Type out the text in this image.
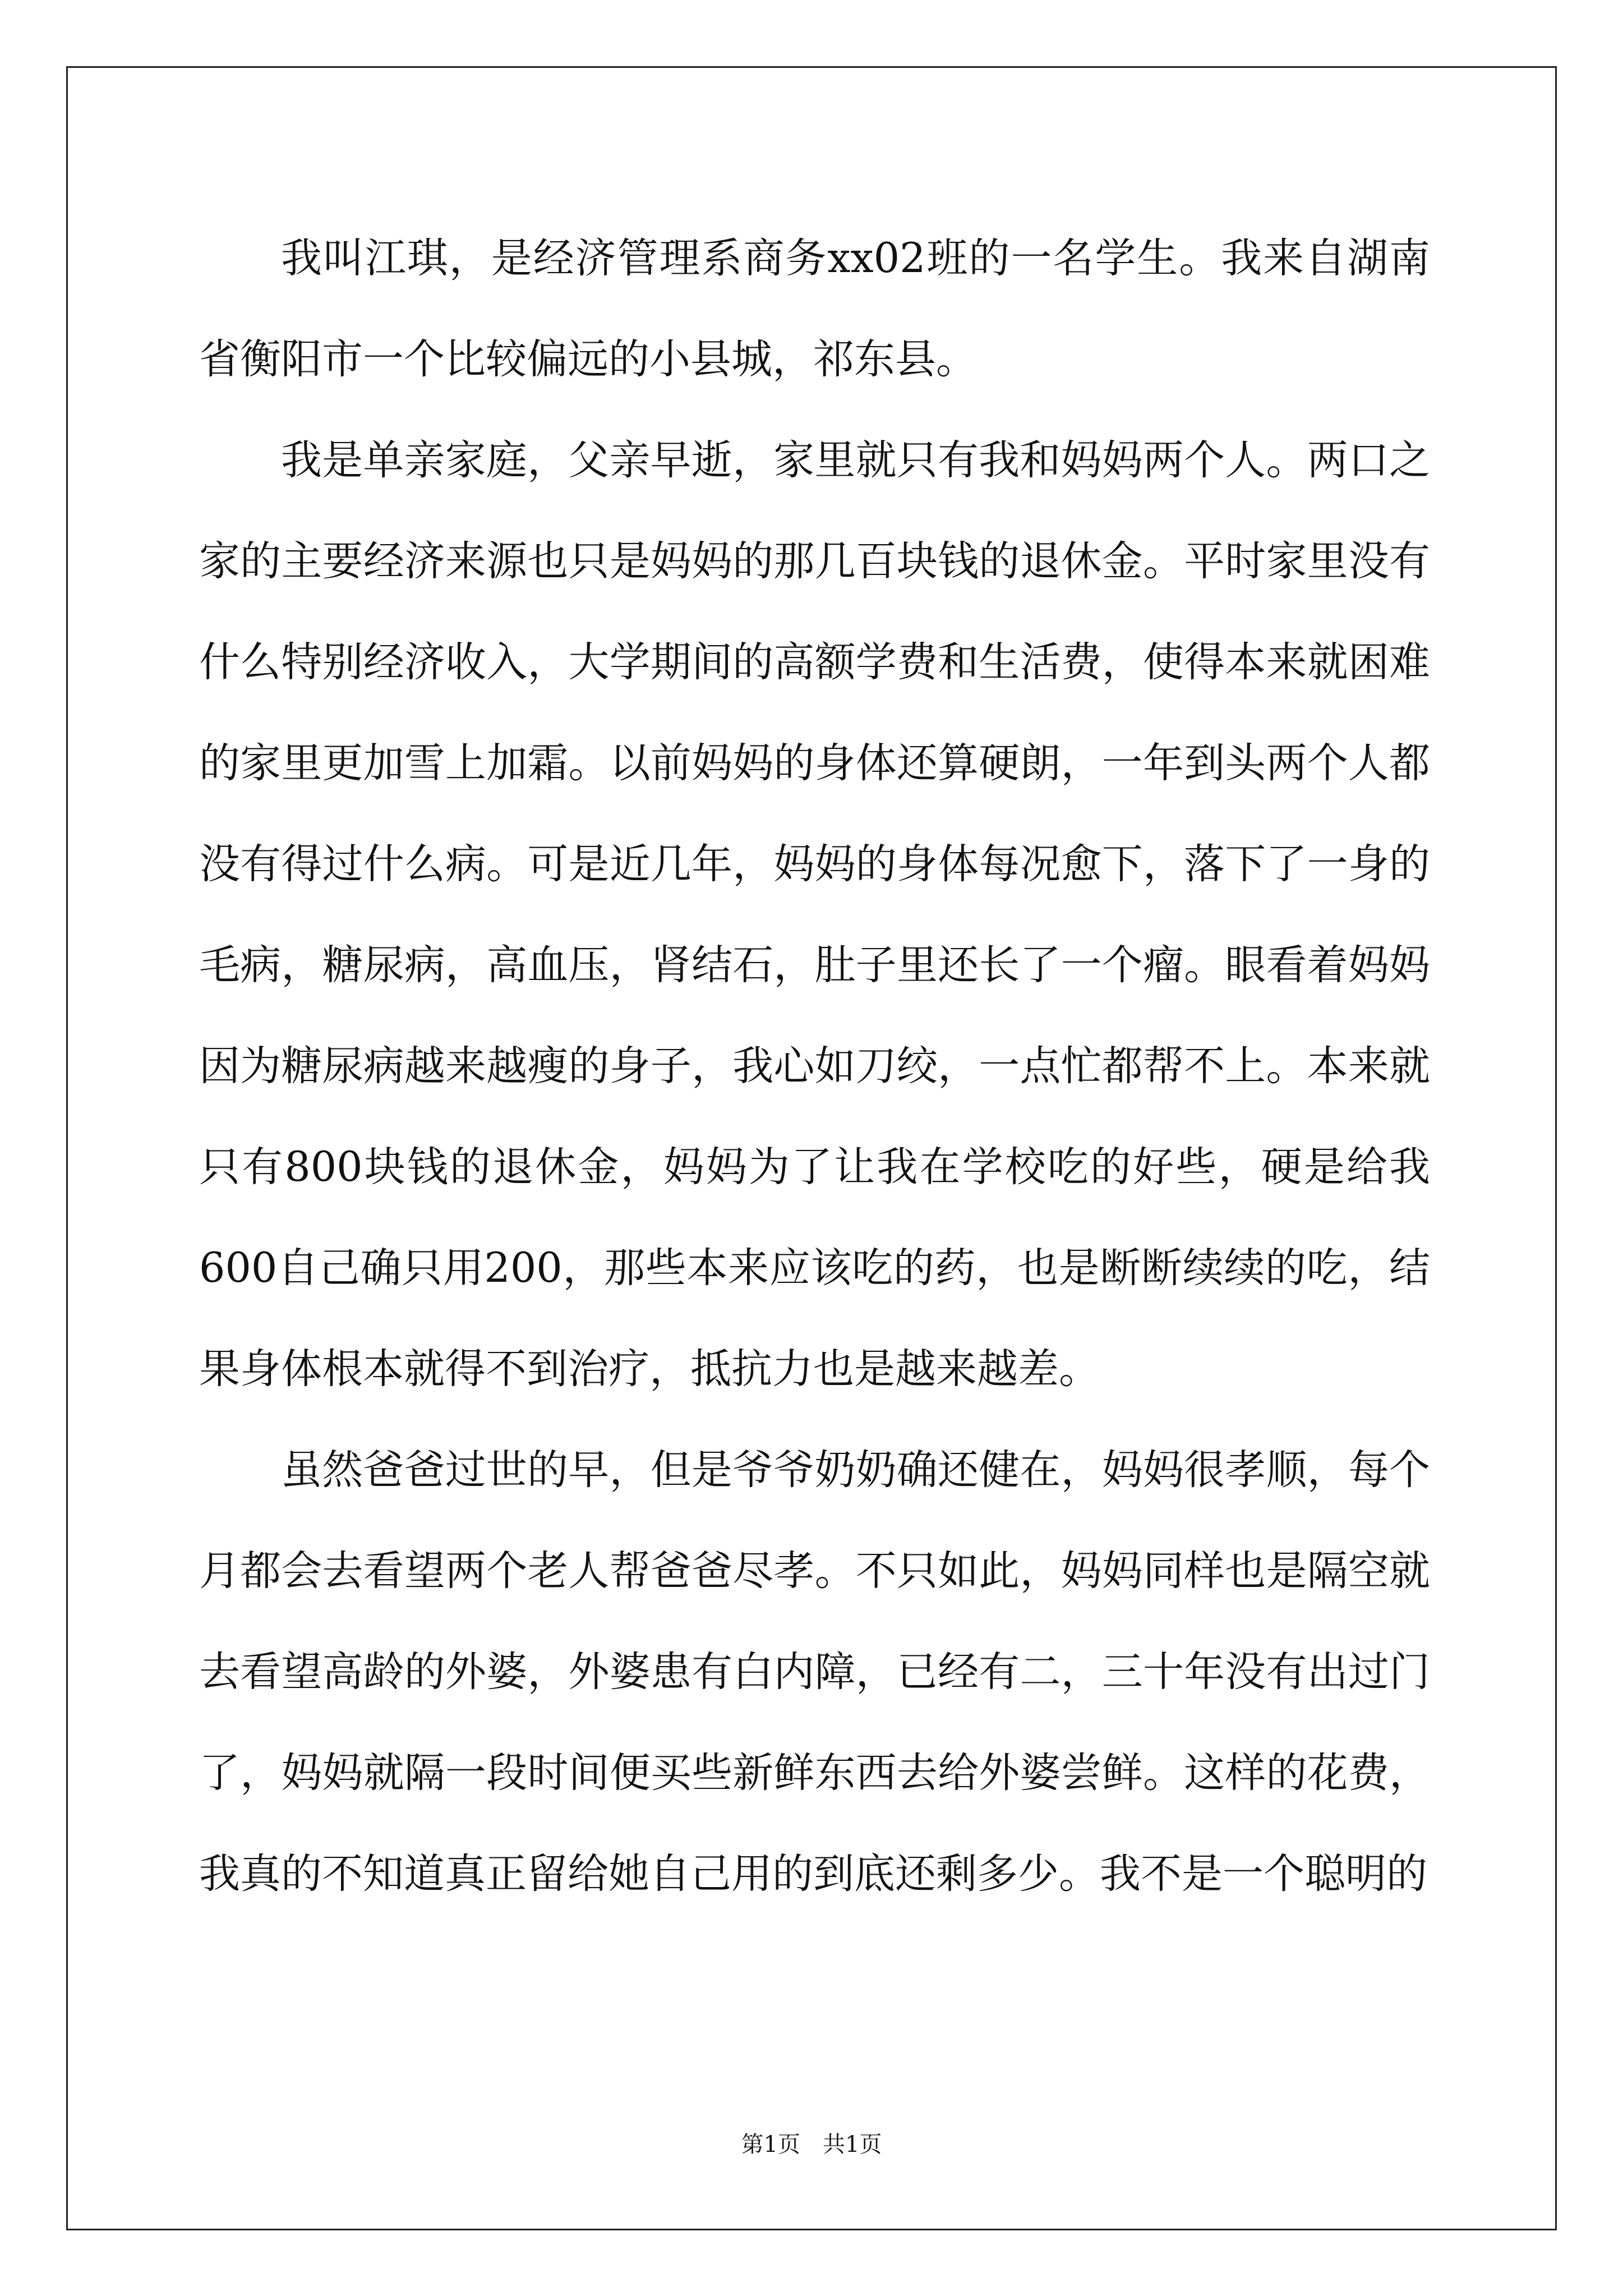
我叫江琪，是经济管理系商务xx02班的一名学生。我来自湖南省衡阳市一个比较偏远的小县城，祁东县。

我是单亲家庭，父亲早逝，家里就只有我和妈妈两个人。两口之家的主要经济来源也只是妈妈的那几百块钱的退休金。平时家里没有什么特别经济收入，大学期间的高额学费和生活费，使得本来就困难的家里更加雪上加霜。以前妈妈的身体还算硬朗，一年到头两个人都没有得过什么病。可是近几年，妈妈的身体每况愈下，落下了一身的毛病，糖尿病，高血压，肾结石，肚子里还长了一个瘤。眼看着妈妈因为糖尿病越来越瘦的身子，我心如刀绞，一点忙都帮不上。本来就只有800块钱的退休金，妈妈为了让我在学校吃的好些，硬是给我600自己确只用200，那些本来应该吃的药，也是断断续续的吃，结果身体根本就得不到治疗，抵抗力也是越来越差。

虽然爸爸过世的早，但是爷爷奶奶确还健在，妈妈很孝顺，每个月都会去看望两个老人帮爸爸尽孝。不只如此，妈妈同样也是隔空就去看望高龄的外婆，外婆患有白内障，已经有二，三十年没有出过门了，妈妈就隔一段时间便买些新鲜东西去给外婆尝鲜。这样的花费，我真的不知道真正留给她自己用的到底还剩多少。我不是一个聪明的

第1页 共1页
